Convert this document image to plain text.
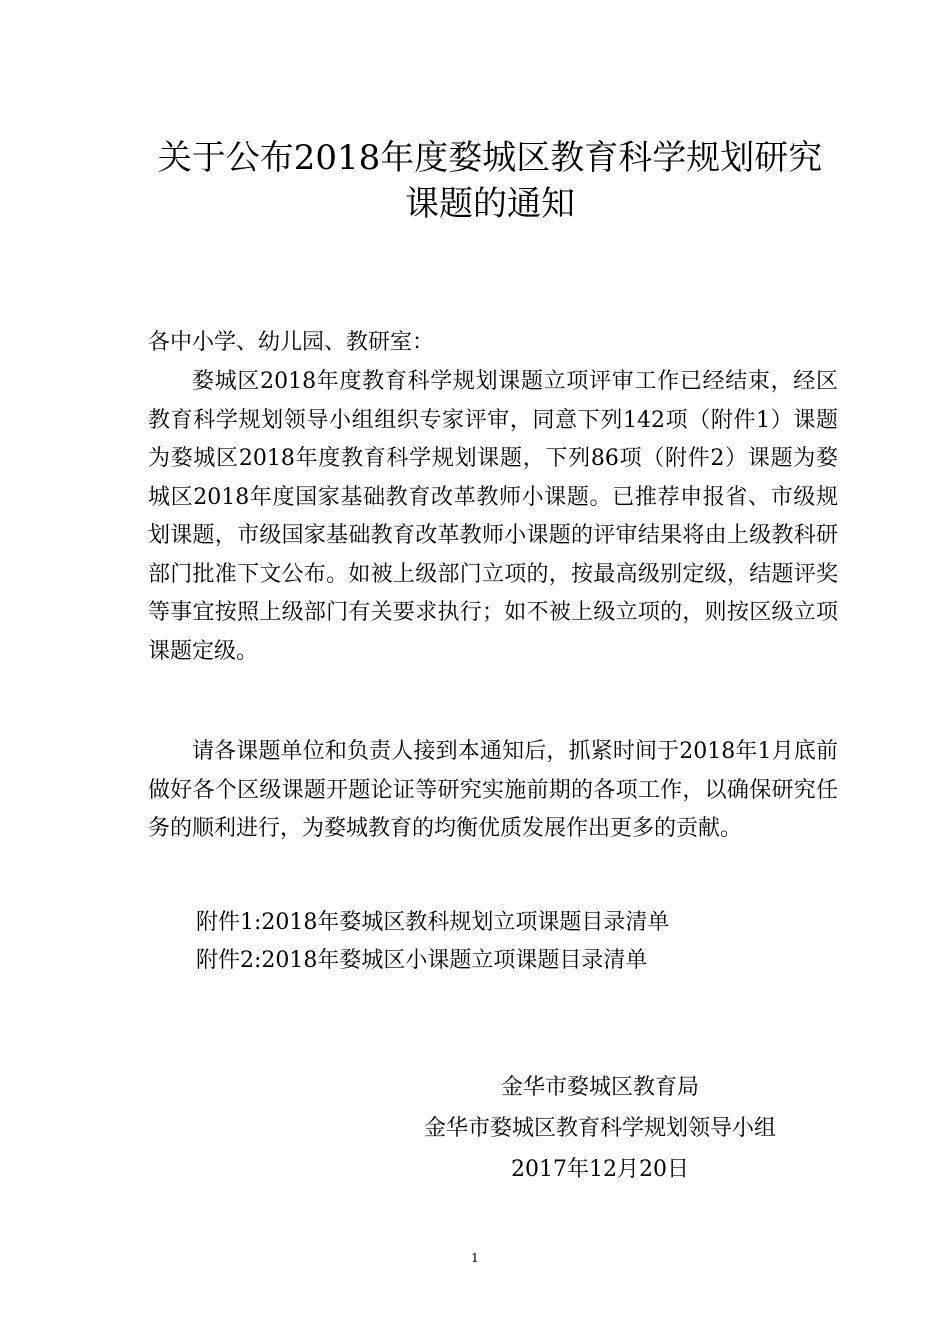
关于公布2018年度婺城区教育科学规划研究
课题的通知
各中小学、幼儿园、教研室：
婺城区2018年度教育科学规划课题立项评审工作已经结束，经区教育科学规划领导小组组织专家评审，同意下列142项（附件1）课题为婺城区2018年度教育科学规划课题，下列86项（附件2）课题为婺城区2018年度国家基础教育改革教师小课题。已推荐申报省、市级规划课题，市级国家基础教育改革教师小课题的评审结果将由上级教科研部门批准下文公布。如被上级部门立项的，按最高级别定级，结题评奖等事宜按照上级部门有关要求执行；如不被上级立项的，则按区级立项课题定级。
请各课题单位和负责人接到本通知后，抓紧时间于2018年1月底前做好各个区级课题开题论证等研究实施前期的各项工作，以确保研究任务的顺利进行，为婺城教育的均衡优质发展作出更多的贡献。
附件1:2018年婺城区教科规划立项课题目录清单
附件2:2018年婺城区小课题立项课题目录清单
金华市婺城区教育局
金华市婺城区教育科学规划领导小组
2017年12月20日
1
